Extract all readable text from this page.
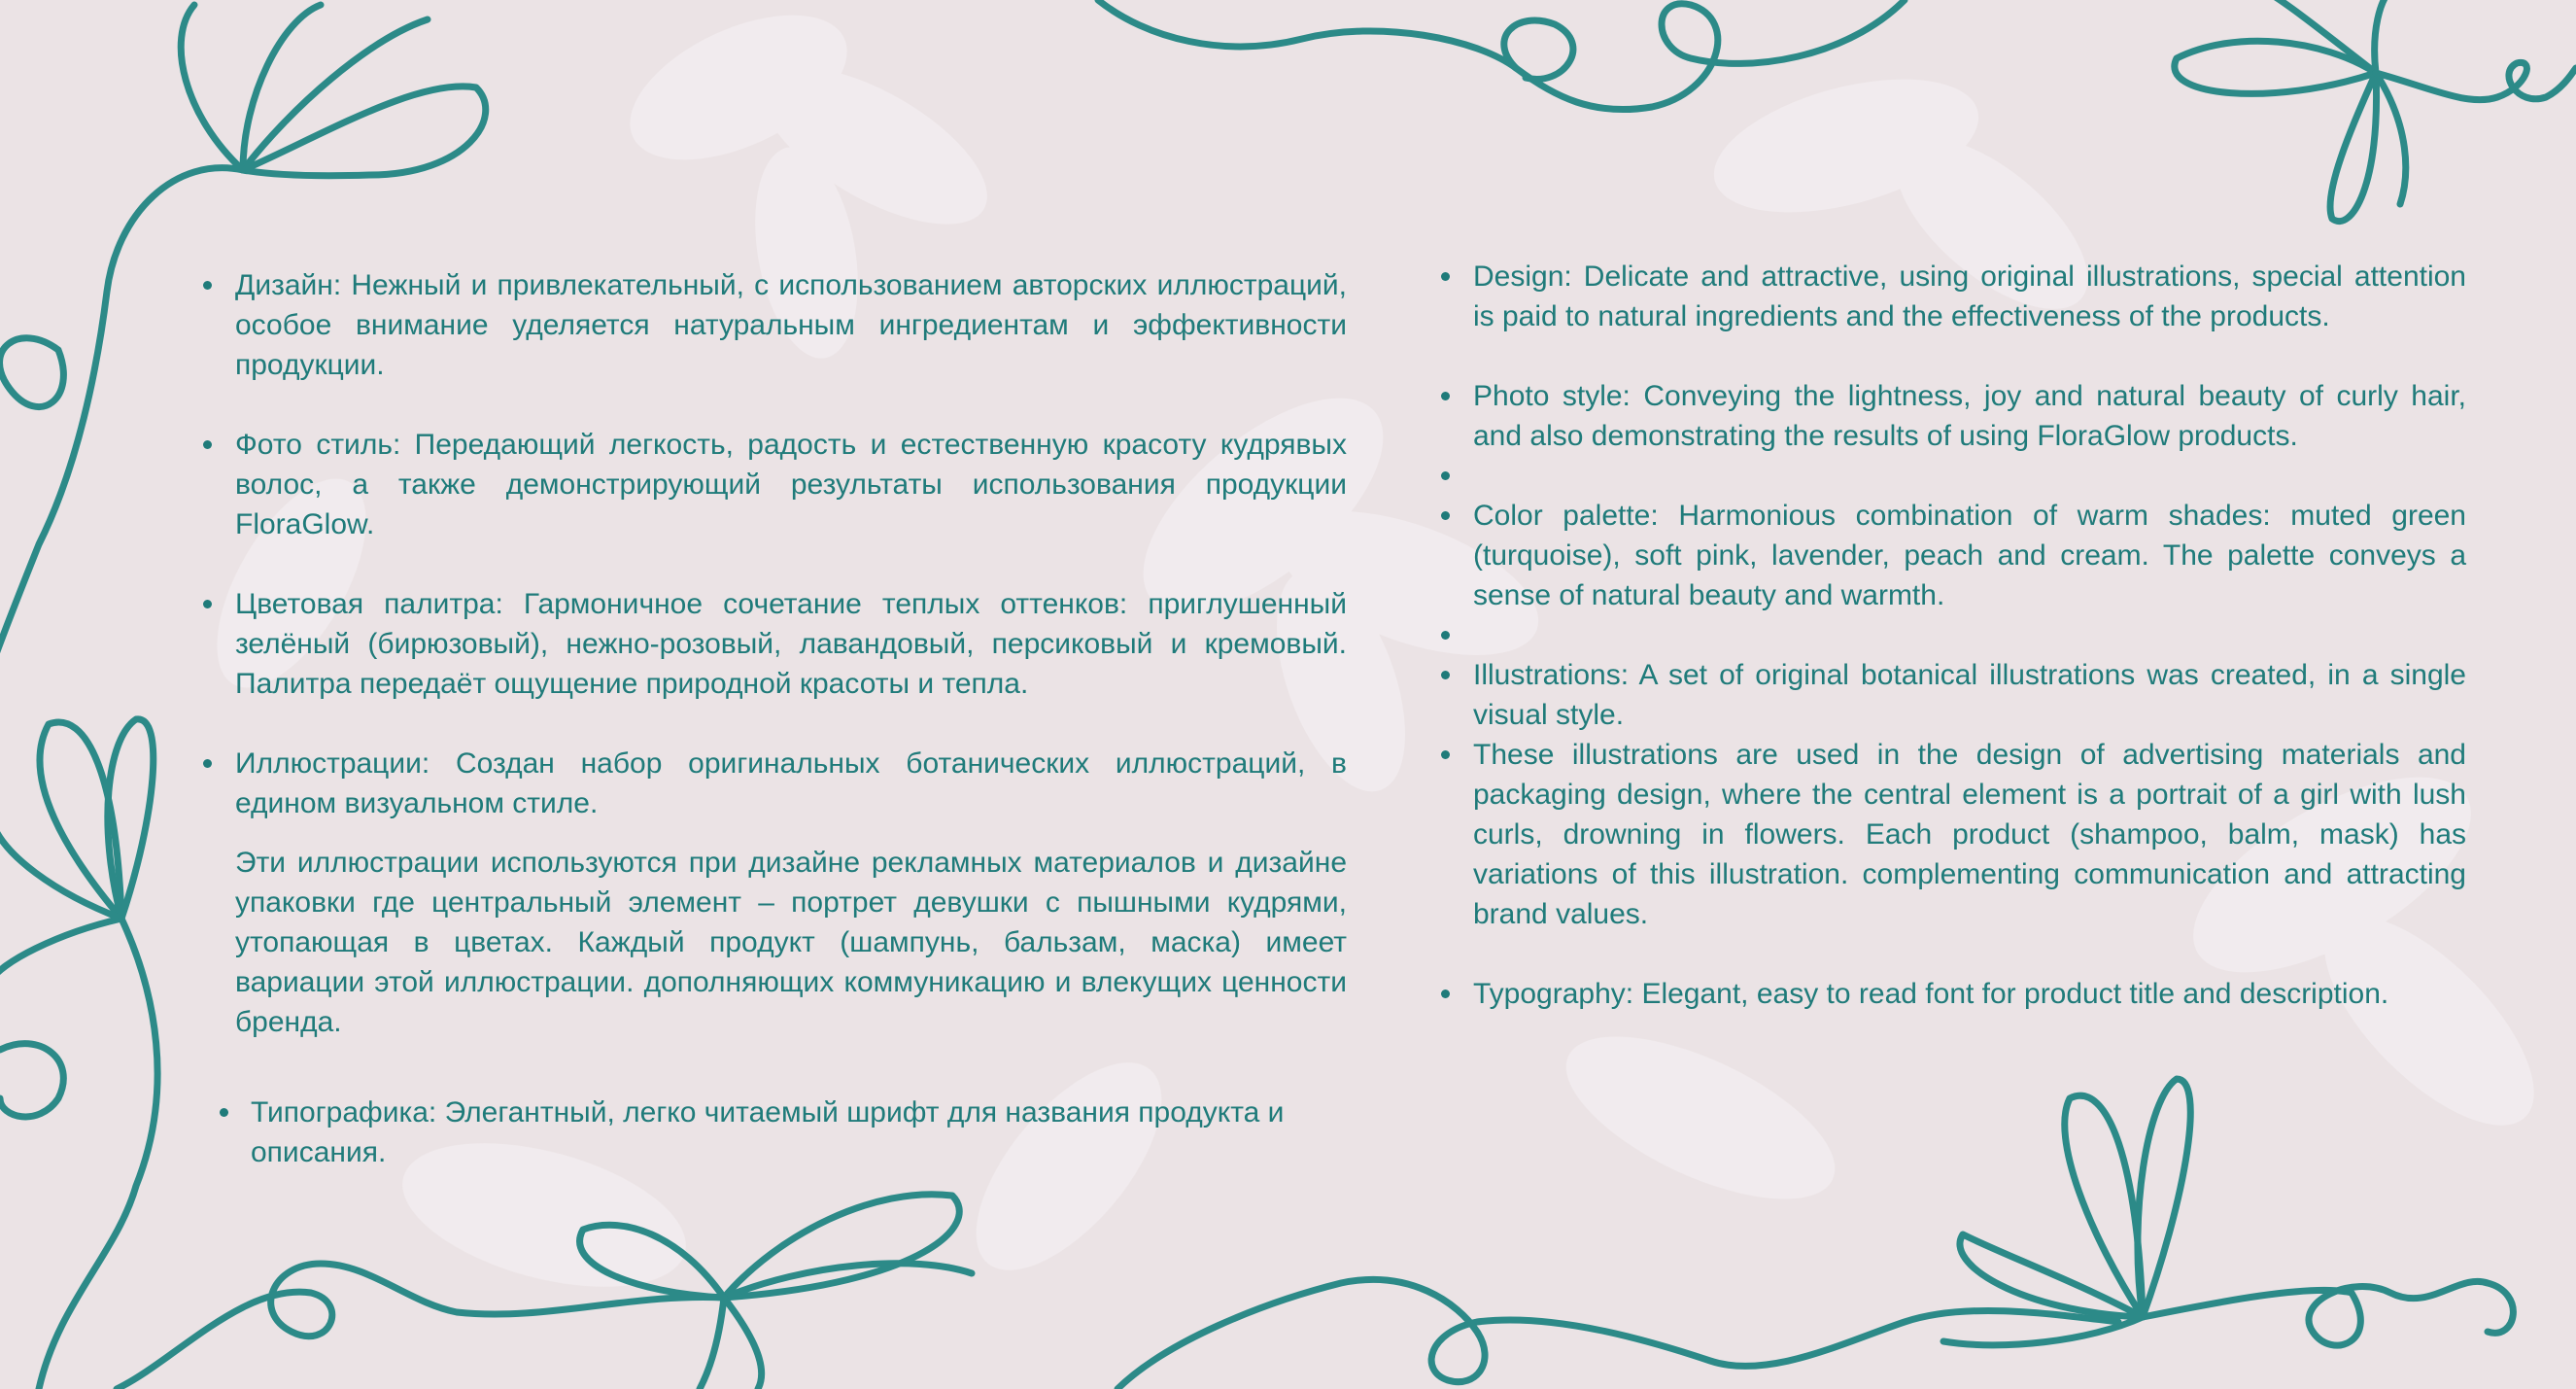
Дизайн: Нежный и привлекательный, с использованием авторских иллюстраций, особое внимание уделяется натуральным ингредиентам и эффективности продукции.
Фото стиль: Передающий легкость, радость и естественную красоту кудрявых волос, а также демонстрирующий результаты использования продукции FloraGlow.
Цветовая палитра: Гармоничное сочетание теплых оттенков: приглушенный зелёный (бирюзовый), нежно-розовый, лавандовый, персиковый и кремовый. Палитра передаёт ощущение природной красоты и тепла.
Иллюстрации: Создан набор оригинальных ботанических иллюстраций, в едином визуальном стиле.
Эти иллюстрации используются при дизайне рекламных материалов и дизайне упаковки где центральный элемент – портрет девушки с пышными кудрями, утопающая в цветах. Каждый продукт (шампунь, бальзам, маска) имеет вариации этой иллюстрации. дополняющих коммуникацию и влекущих ценности бренда.
Типографика: Элегантный, легко читаемый шрифт для названия продукта и описания.
Design: Delicate and attractive, using original illustrations, special attention is paid to natural ingredients and the effectiveness of the products.
Photo style: Conveying the lightness, joy and natural beauty of curly hair, and also demonstrating the results of using FloraGlow products.
Color palette: Harmonious combination of warm shades: muted green (turquoise), soft pink, lavender, peach and cream. The palette conveys a sense of natural beauty and warmth.
Illustrations: A set of original botanical illustrations was created, in a single visual style.
These illustrations are used in the design of advertising materials and packaging design, where the central element is a portrait of a girl with lush curls, drowning in flowers. Each product (shampoo, balm, mask) has variations of this illustration. complementing communication and attracting brand values.
Typography: Elegant, easy to read font for product title and description.
